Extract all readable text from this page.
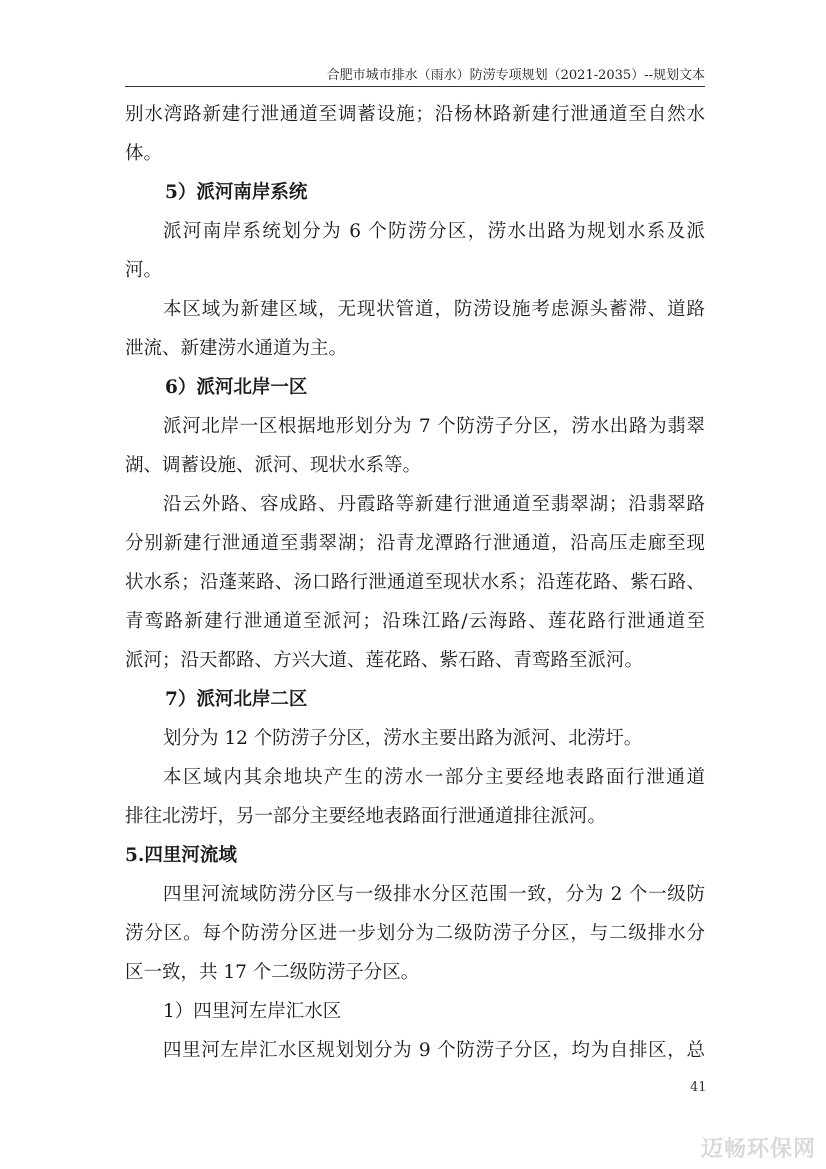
合肥市城市排水（雨水）防涝专项规划（2021-2035）--规划文本
别水湾路新建行泄通道至调蓄设施；沿杨林路新建行泄通道至自然水
体。
5）派河南岸系统
派河南岸系统划分为 6 个防涝分区，涝水出路为规划水系及派
河。
本区域为新建区域，无现状管道，防涝设施考虑源头蓄滞、道路
泄流、新建涝水通道为主。
6）派河北岸一区
派河北岸一区根据地形划分为 7 个防涝子分区，涝水出路为翡翠
湖、调蓄设施、派河、现状水系等。
沿云外路、容成路、丹霞路等新建行泄通道至翡翠湖；沿翡翠路
分别新建行泄通道至翡翠湖；沿青龙潭路行泄通道，沿高压走廊至现
状水系；沿蓬莱路、汤口路行泄通道至现状水系；沿莲花路、紫石路、
青鸾路新建行泄通道至派河；沿珠江路/云海路、莲花路行泄通道至
派河；沿天都路、方兴大道、莲花路、紫石路、青鸾路至派河。
7）派河北岸二区
划分为 12 个防涝子分区，涝水主要出路为派河、北涝圩。
本区域内其余地块产生的涝水一部分主要经地表路面行泄通道
排往北涝圩，另一部分主要经地表路面行泄通道排往派河。
5.四里河流域
四里河流域防涝分区与一级排水分区范围一致，分为 2 个一级防
涝分区。每个防涝分区进一步划分为二级防涝子分区，与二级排水分
区一致，共 17 个二级防涝子分区。
1）四里河左岸汇水区
四里河左岸汇水区规划划分为 9 个防涝子分区，均为自排区，总
41
迈畅环保网
